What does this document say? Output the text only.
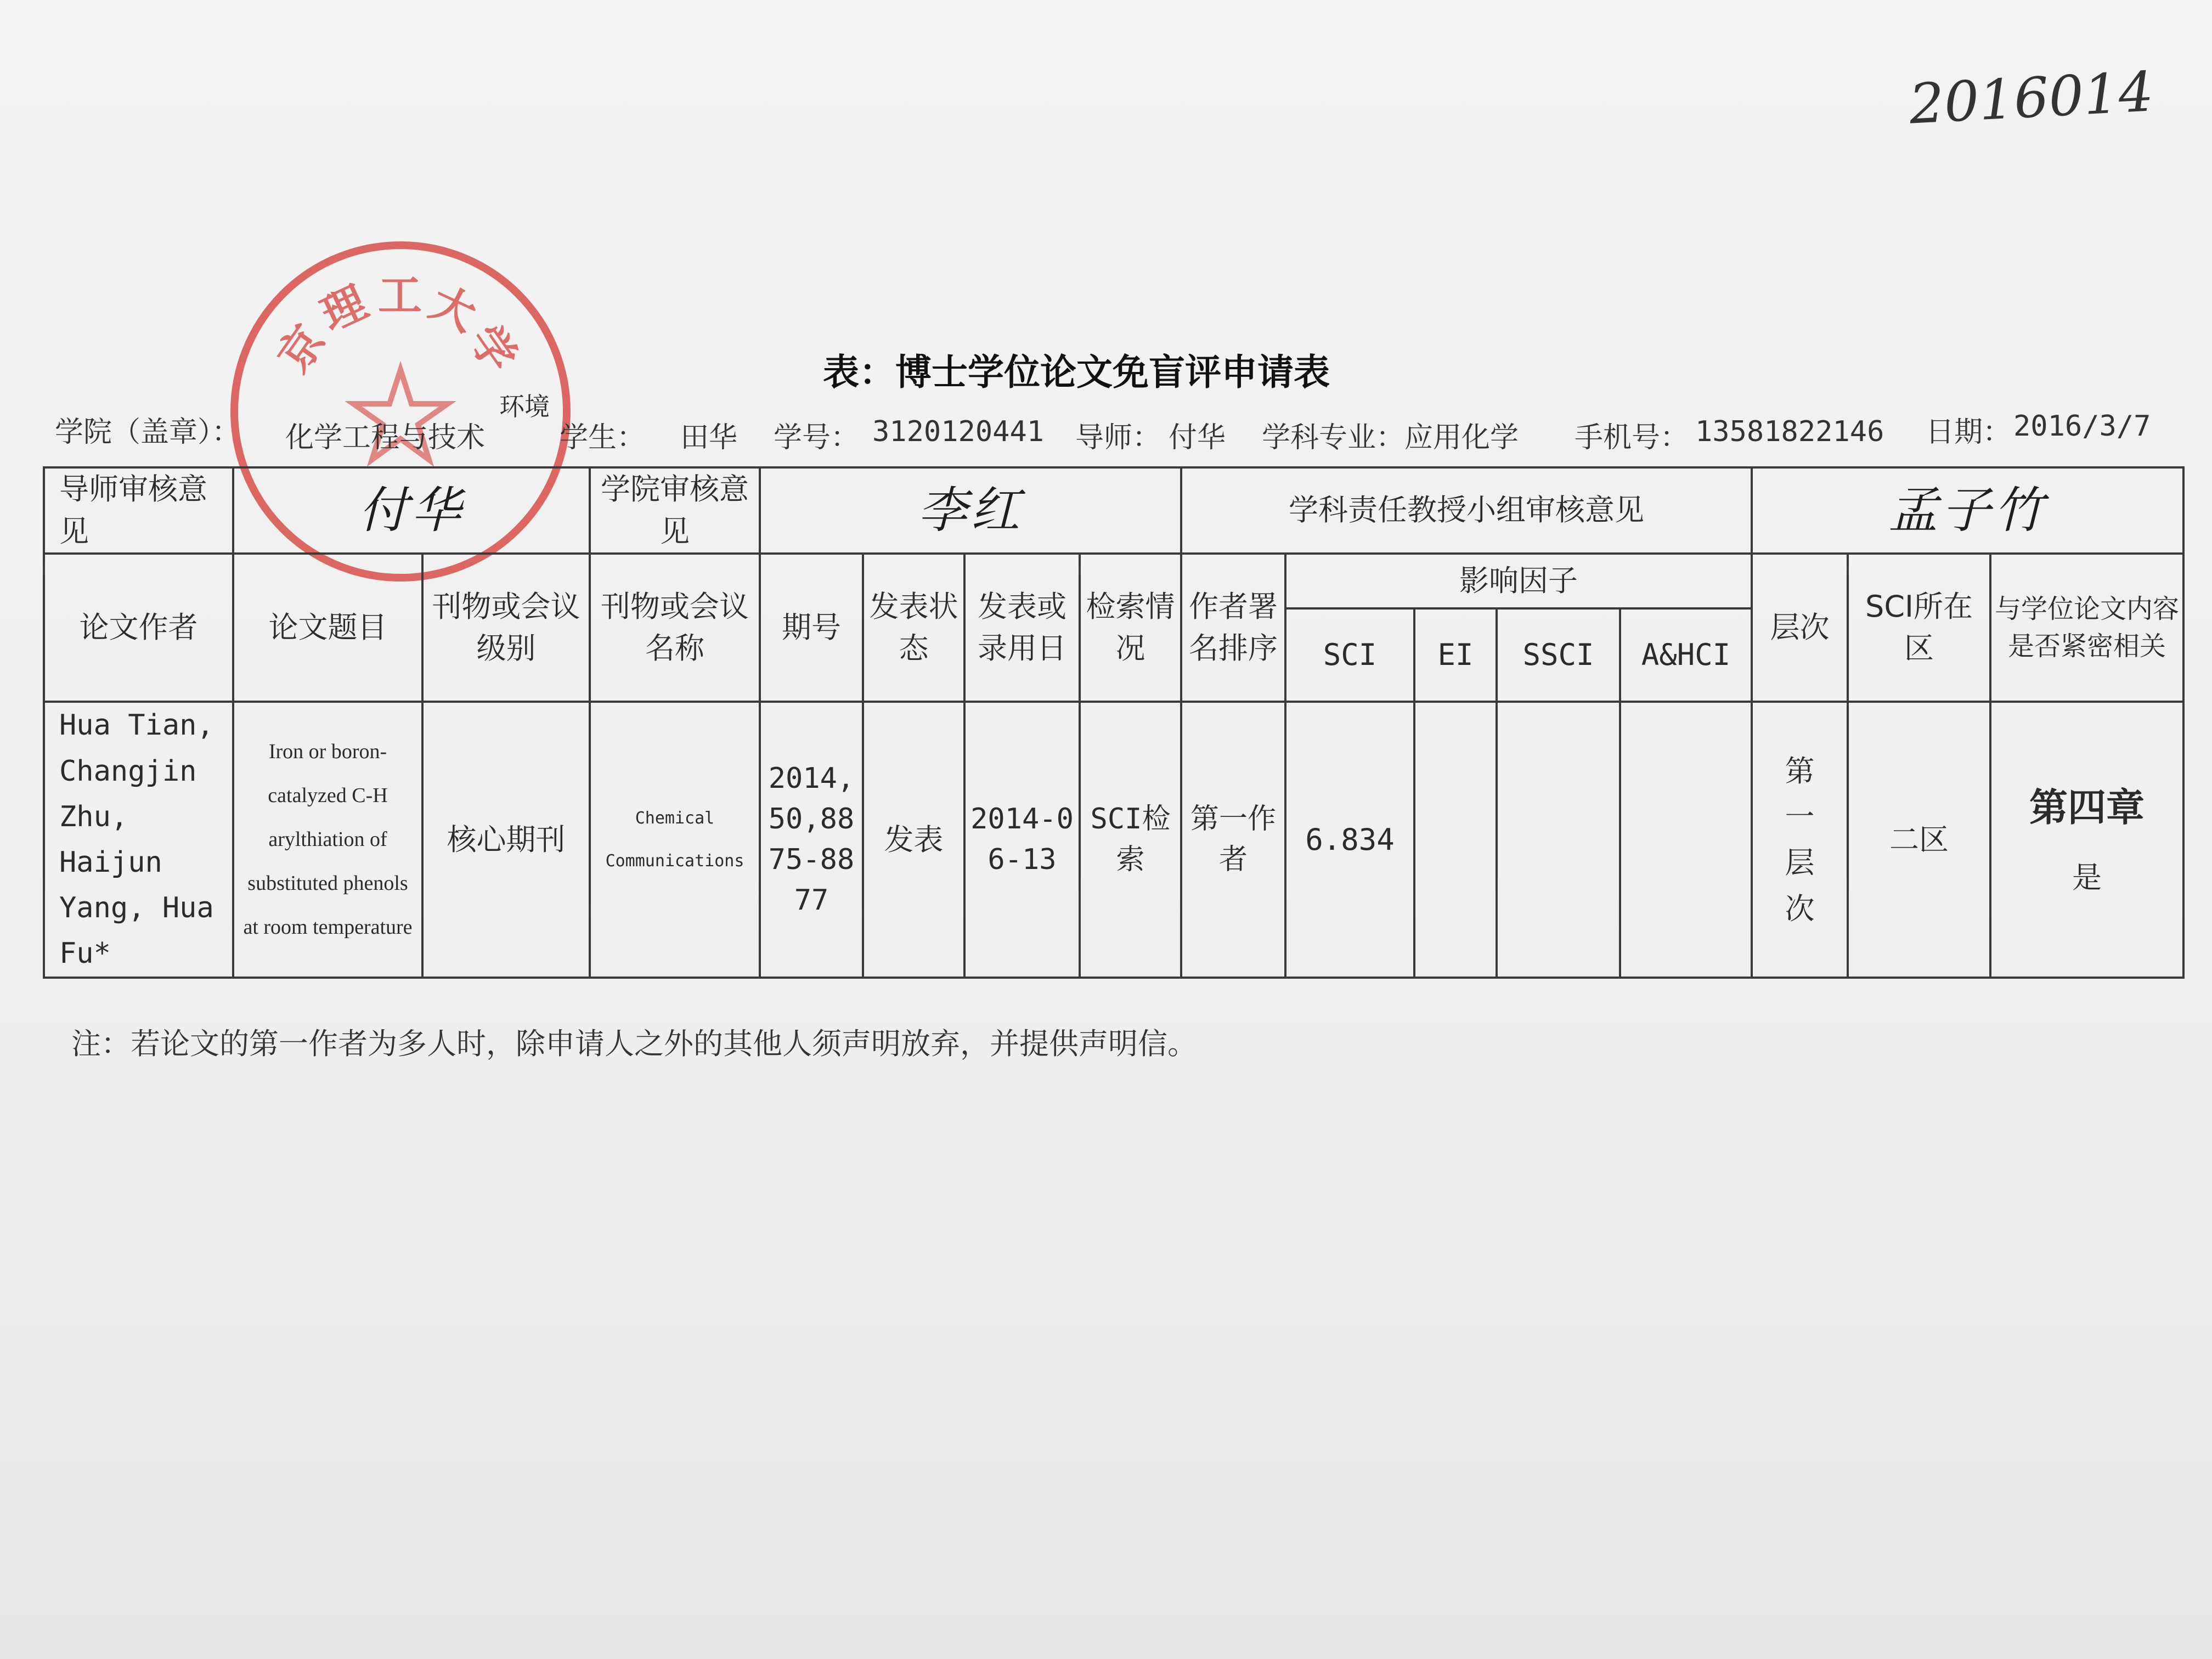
2016014
京
理 工 大
学	表：博士学位论文免盲评申请表
学院（盖章）： 化学工程与技术
环境
学生： 田华 学号： 3120120441 导师： 付华 学科专业： 应用化学 手机号： 13581822146 日期： 2016/3/7
导师审核意见	付华		学院审核意见	李红				学科责任教授小组审核意见					孟子竹		
论文作者	论文题目	刊物或会议级别	刊物或会议名称	期号	发表状态	发表或录用日	检索情况	作者署名排序	影响因子				层次	SCI所在区	与学位论文内容是否紧密相关
									SCI	EI	SSCI	A&HCI			
Hua Tian, Changjin Zhu, Haijun Yang, Hua Fu*	Iron or boron-catalyzed C-H arylthiation of substituted phenols at room temperature	核心期刊	Chemical Communications	2014,50,8875-8877	发表	2014-06-13	SCI检索	第一作者	6.834				第一层次	二区	第四章
是
注：若论文的第一作者为多人时，除申请人之外的其他人须声明放弃，并提供声明信。
